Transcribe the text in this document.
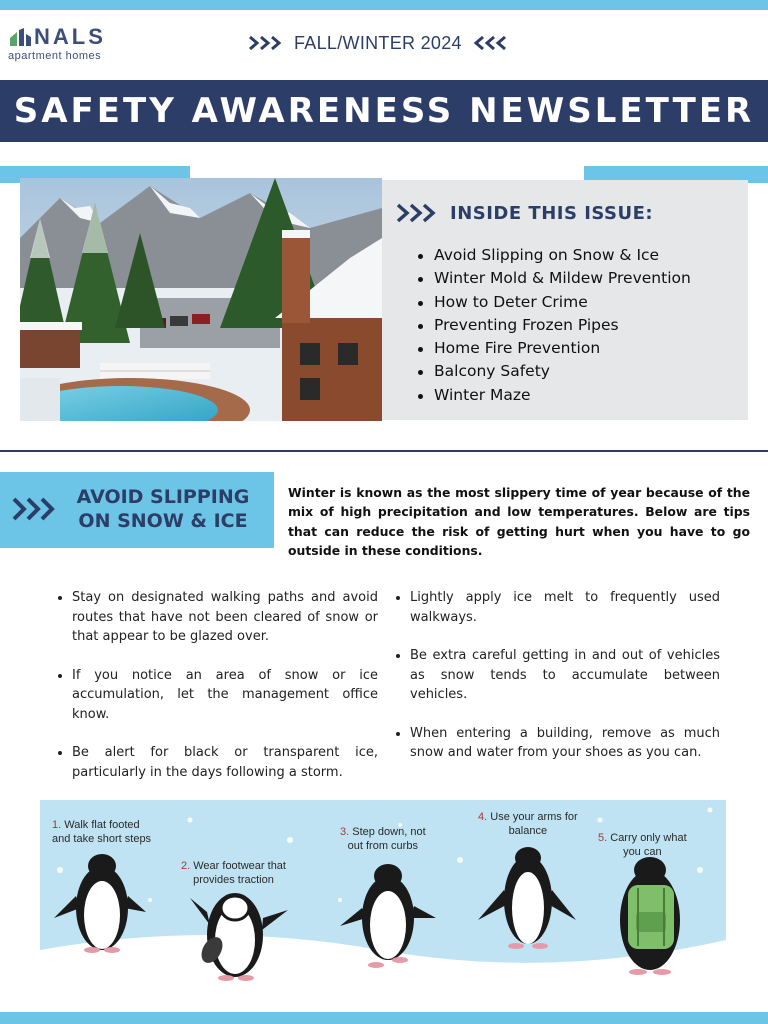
NALS
apartment homes
FALL/WINTER 2024
SAFETY AWARENESS NEWSLETTER
INSIDE THIS ISSUE:
Avoid Slipping on Snow & Ice
Winter Mold & Mildew Prevention
How to Deter Crime
Preventing Frozen Pipes
Home Fire Prevention
Balcony Safety
Winter Maze
AVOID SLIPPING
ON SNOW & ICE

Winter is known as the most slippery time of year because of the mix of high precipitation and low temperatures. Below are tips that can reduce the risk of getting hurt when you have to go outside in these conditions.

Stay on designated walking paths and avoid routes that have not been cleared of snow or that appear to be glazed over.
If you notice an area of snow or ice accumulation, let the management office know.
Be alert for black or transparent ice, particularly in the days following a storm.
Lightly apply ice melt to frequently used walkways.
Be extra careful getting in and out of vehicles as snow tends to accumulate between vehicles.
When entering a building, remove as much snow and water from your shoes as you can.
1. Walk flat footed
and take short steps
2. Wear footwear that
provides traction
3. Step down, not
out from curbs
4. Use your arms for
balance
5. Carry only what
you can
